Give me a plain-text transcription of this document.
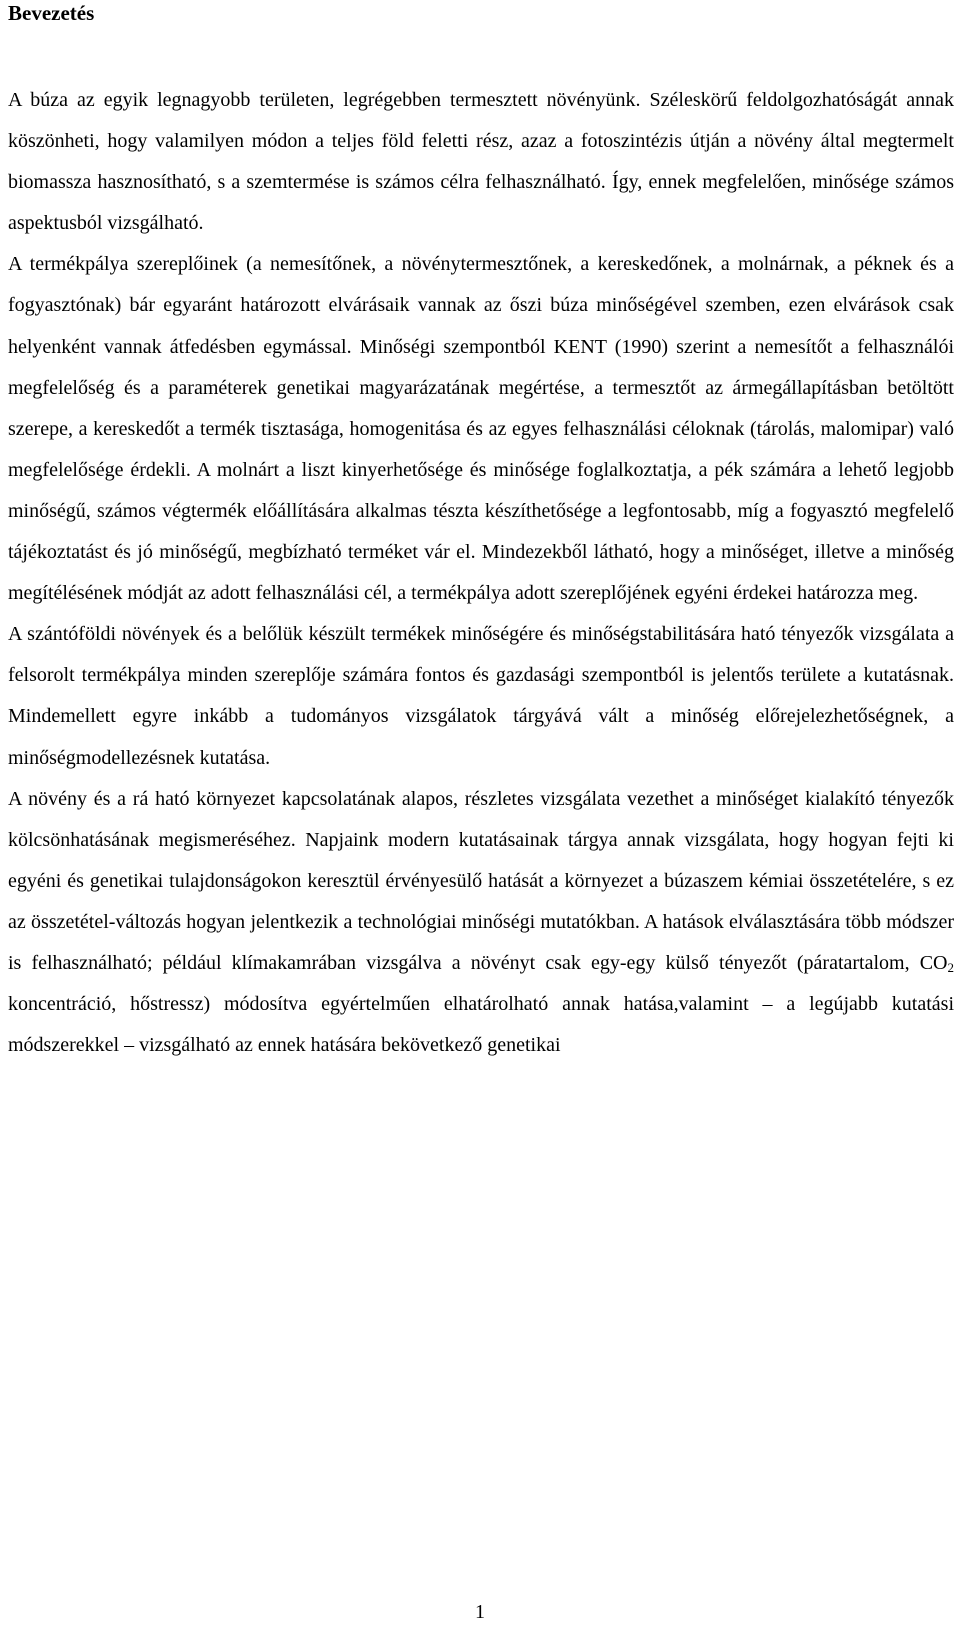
Bevezetés

A búza az egyik legnagyobb területen, legrégebben termesztett növényünk. Széleskörű feldolgozhatóságát annak köszönheti, hogy valamilyen módon a teljes föld feletti rész, azaz a fotoszintézis útján a növény által megtermelt biomassza hasznosítható, s a szemtermése is számos célra felhasználható. Így, ennek megfelelően, minősége számos aspektusból vizsgálható.

A termékpálya szereplőinek (a nemesítőnek, a növénytermesztőnek, a kereskedőnek, a molnárnak, a péknek és a fogyasztónak) bár egyaránt határozott elvárásaik vannak az őszi búza minőségével szemben, ezen elvárások csak helyenként vannak átfedésben egymással. Minőségi szempontból KENT (1990) szerint a nemesítőt a felhasználói megfelelőség és a paraméterek genetikai magyarázatának megértése, a termesztőt az ármegállapításban betöltött szerepe, a kereskedőt a termék tisztasága, homogenitása és az egyes felhasználási céloknak (tárolás, malomipar) való megfelelősége érdekli. A molnárt a liszt kinyerhetősége és minősége foglalkoztatja, a pék számára a lehető legjobb minőségű, számos végtermék előállítására alkalmas tészta készíthetősége a legfontosabb, míg a fogyasztó megfelelő tájékoztatást és jó minőségű, megbízható terméket vár el. Mindezekből látható, hogy a minőséget, illetve a minőség megítélésének módját az adott felhasználási cél, a termékpálya adott szereplőjének egyéni érdekei határozza meg.

A szántóföldi növények és a belőlük készült termékek minőségére és minőségstabilitására ható tényezők vizsgálata a felsorolt termékpálya minden szereplője számára fontos és gazdasági szempontból is jelentős területe a kutatásnak. Mindemellett egyre inkább a tudományos vizsgálatok tárgyává vált a minőség előrejelezhetőségnek, a minőségmodellezésnek kutatása.

A növény és a rá ható környezet kapcsolatának alapos, részletes vizsgálata vezethet a minőséget kialakító tényezők kölcsönhatásának megismeréséhez. Napjaink modern kutatásainak tárgya annak vizsgálata, hogy hogyan fejti ki egyéni és genetikai tulajdonságokon keresztül érvényesülő hatását a környezet a búzaszem kémiai összetételére, s ez az összetétel-változás hogyan jelentkezik a technológiai minőségi mutatókban. A hatások elválasztására több módszer is felhasználható; például klímakamrában vizsgálva a növényt csak egy-egy külső tényezőt (páratartalom, $CO_2$ koncentráció, hőstressz) módosítva egyértelműen elhatárolható annak hatása,valamint – a legújabb kutatási módszerekkel – vizsgálható az ennek hatására bekövetkező genetikai

1
